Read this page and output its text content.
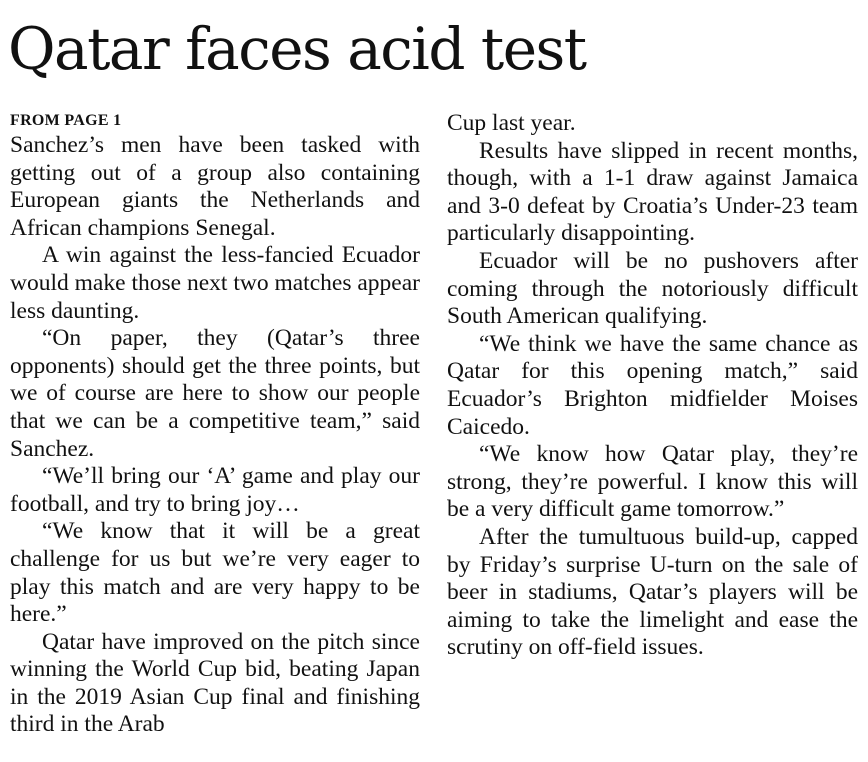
Qatar faces acid test
FROM PAGE 1

Sanchez’s men have been tasked with getting out of a group also containing European giants the Netherlands and African champions Senegal.

A win against the less-fancied Ecuador would make those next two matches appear less daunting.

“On paper, they (Qatar’s three opponents) should get the three points, but we of course are here to show our people that we can be a competitive team,” said Sanchez.

“We’ll bring our ‘A’ game and play our football, and try to bring joy…

“We know that it will be a great challenge for us but we’re very eager to play this match and are very happy to be here.”

Qatar have improved on the pitch since winning the World Cup bid, beating Japan in the 2019 Asian Cup final and finishing third in the Arab

Cup last year.

Results have slipped in recent months, though, with a 1-1 draw against Jamaica and 3-0 defeat by Croatia’s Under-23 team particularly disappointing.

Ecuador will be no pushovers after coming through the notoriously difficult South American qualifying.

“We think we have the same chance as Qatar for this opening match,” said Ecuador’s Brighton midfielder Moises Caicedo.

“We know how Qatar play, they’re strong, they’re powerful. I know this will be a very difficult game tomorrow.”

After the tumultuous build-up, capped by Friday’s surprise U-turn on the sale of beer in stadiums, Qatar’s players will be aiming to take the limelight and ease the scrutiny on off-field issues.
